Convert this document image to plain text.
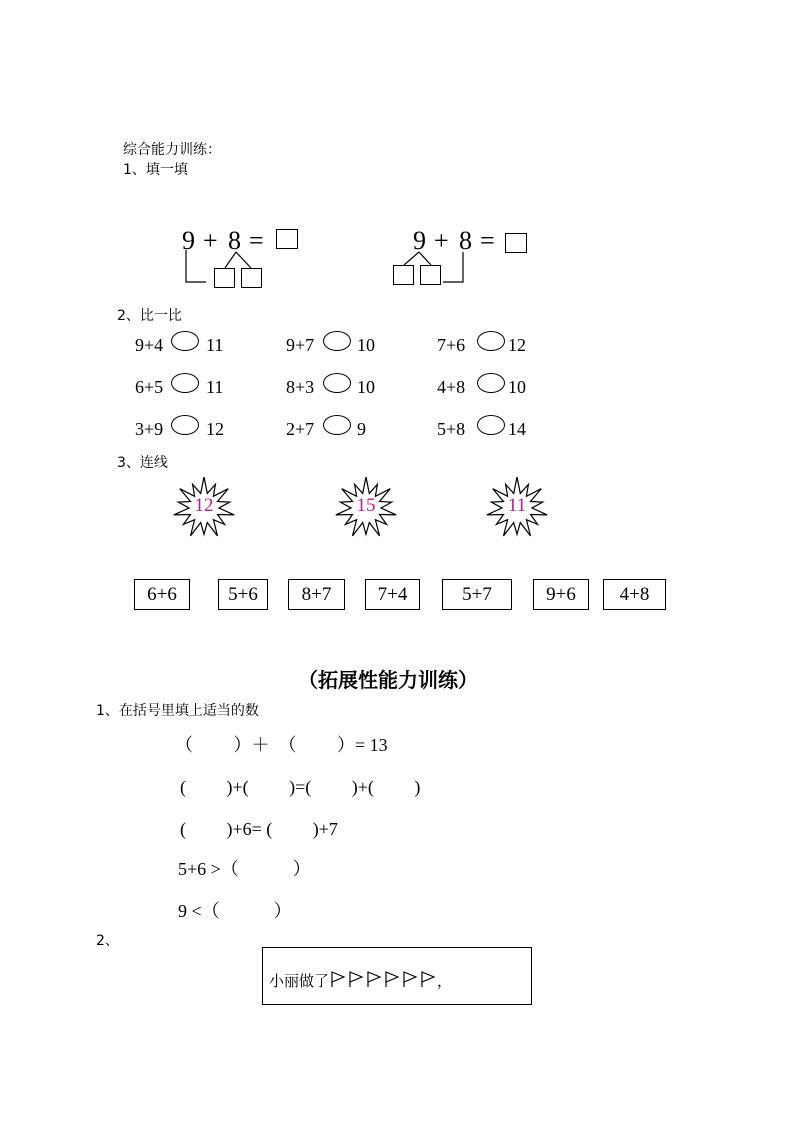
综合能力训练：
1、填一填
9 + 8 =	9 + 8 =
2、比一比
9+4 11	9+7 10	7+6 12
6+5 11	8+3 10	4+8 10
3+9 12	2+7 9	5+8 14
3、连线
12	15	11
6+6	5+6	8+7	7+4	5+7	9+6	4+8
（拓展性能力训练）
1、在括号里填上适当的数
（　　 ）＋　（　　 ）= 13
(　　 )+(　　 )=(　　 )+(　　 )
(　　 )+6= (　　 )+7
5+6 >（　　　）
9 <（　　　）
2、
小丽做了	，
